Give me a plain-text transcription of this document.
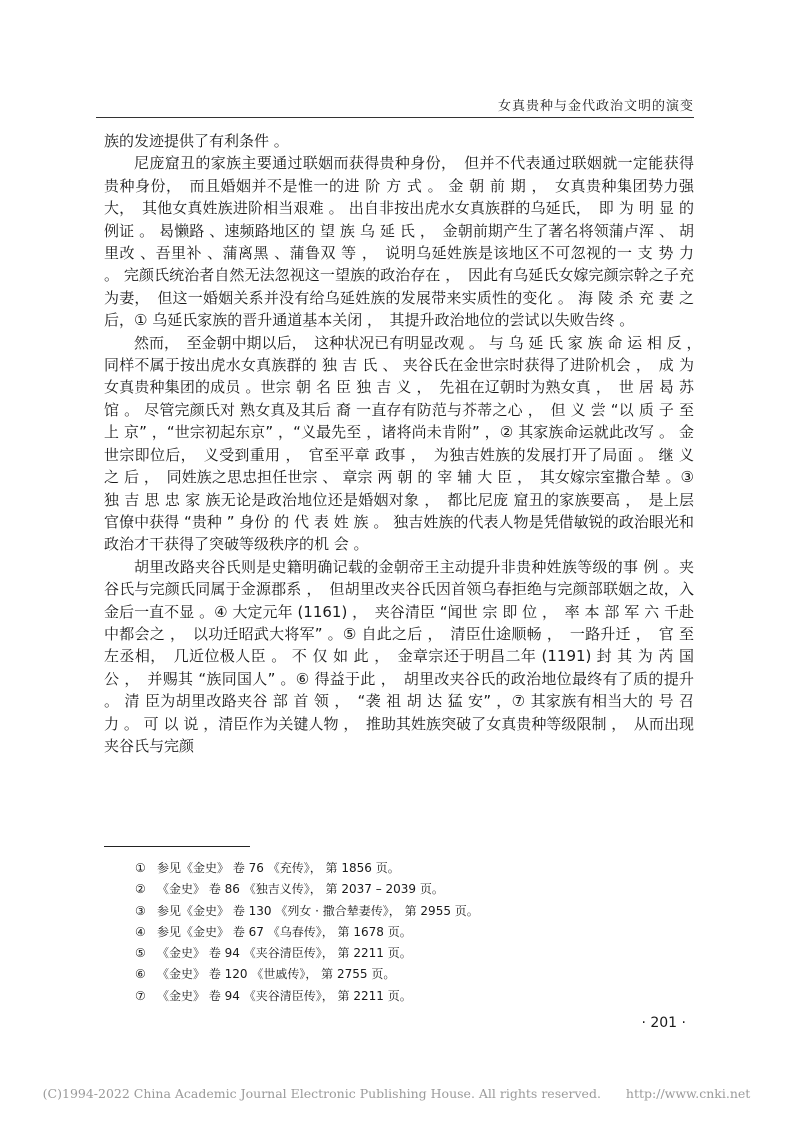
女真贵种与金代政治文明的演变

族的发迹提供了有利条件 。

尼庞窟丑的家族主要通过联姻而获得贵种身份，　但并不代表通过联姻就一定能获得贵种身份，　而且婚姻并不是惟一的进 阶 方 式 。 金 朝 前 期 ，　女真贵种集团势力强大，　其他女真姓族进阶相当艰难 。 出自非按出虎水女真族群的乌延氏，　即 为 明 显 的例证 。 曷懒路 、速频路地区的 望 族 乌 延 氏 ，　金朝前期产生了著名将领蒲卢浑 、 胡 里改 、吾里补 、蒲离黑 、蒲鲁双 等 ，　说明乌延姓族是该地区不可忽视的一 支 势 力 。 完颜氏统治者自然无法忽视这一望族的政治存在 ，　因此有乌延氏女嫁完颜宗幹之子充为妻，　但这一婚姻关系并没有给乌延姓族的发展带来实质性的变化 。 海 陵 杀 充 妻 之后，① 乌延氏家族的晋升通道基本关闭 ，　其提升政治地位的尝试以失败告终 。

然而，　至金朝中期以后，　这种状况已有明显改观 。 与 乌 延 氏 家 族 命 运 相 反 ，　同样不属于按出虎水女真族群的 独 吉 氏 、 夹谷氏在金世宗时获得了进阶机会 ，　成 为 女真贵种集团的成员 。世宗 朝 名 臣 独 吉 义 ，　先祖在辽朝时为熟女真 ，　世 居 曷 苏 馆 。 尽管完颜氏对 熟女真及其后 裔 一直存有防范与芥蒂之心 ，　但 义 尝 “以 质 子 至 上 京” ，“世宗初起东京” ，“义最先至 ，诸将尚未肯附” ，② 其家族命运就此改写 。 金世宗即位后，　义受到重用 ，　官至平章 政事 ，　为独吉姓族的发展打开了局面 。 继 义 之 后 ，　同姓族之思忠担任世宗 、 章宗 两 朝 的 宰 辅 大 臣 ，　其女嫁宗室撒合辇 。③ 独 吉 思 忠 家 族无论是政治地位还是婚姻对象 ，　都比尼庞 窟丑的家族要高 ，　是上层官僚中获得 “贵种 ” 身份 的 代 表 姓 族 。 独吉姓族的代表人物是凭借敏锐的政治眼光和政治才干获得了突破等级秩序的机 会 。

胡里改路夹谷氏则是史籍明确记载的金朝帝王主动提升非贵种姓族等级的事 例 。夹谷氏与完颜氏同属于金源郡系 ，　但胡里改夹谷氏因首领乌春拒绝与完颜部联姻之故，入金后一直不显 。④ 大定元年 (1161) ，　夹谷清臣 “闻世 宗 即 位 ，　率 本 部 军 六 千赴中都会之 ，　以功迁昭武大将军” 。⑤ 自此之后 ，　清臣仕途顺畅 ，　一路升迁 ，　官 至 左丞相，　几近位极人臣 。 不 仅 如 此 ，　金章宗还于明昌二年 (1191) 封 其 为 芮 国 公 ，　并赐其 “族同国人” 。⑥ 得益于此 ，　胡里改夹谷氏的政治地位最终有了质的提升 。 清 臣为胡里改路夹谷 部 首 领 ，　“袭 祖 胡 达 猛 安” ，⑦ 其家族有相当大的 号 召 力 。 可 以 说 ，清臣作为关键人物 ，　推助其姓族突破了女真贵种等级限制 ，　从而出现夹谷氏与完颜

① 参见《金史》 卷 76 《充传》， 第 1856 页。
② 《金史》 卷 86 《独吉义传》， 第 2037 – 2039 页。
③ 参见《金史》 卷 130 《列女 · 撒合辇妻传》， 第 2955 页。
④ 参见《金史》 卷 67 《乌春传》， 第 1678 页。
⑤ 《金史》 卷 94 《夹谷清臣传》， 第 2211 页。
⑥ 《金史》 卷 120 《世戚传》， 第 2755 页。
⑦ 《金史》 卷 94 《夹谷清臣传》， 第 2211 页。
· 201 ·
(C)1994-2022 China Academic Journal Electronic Publishing House. All rights reserved.　　http://www.cnki.net
